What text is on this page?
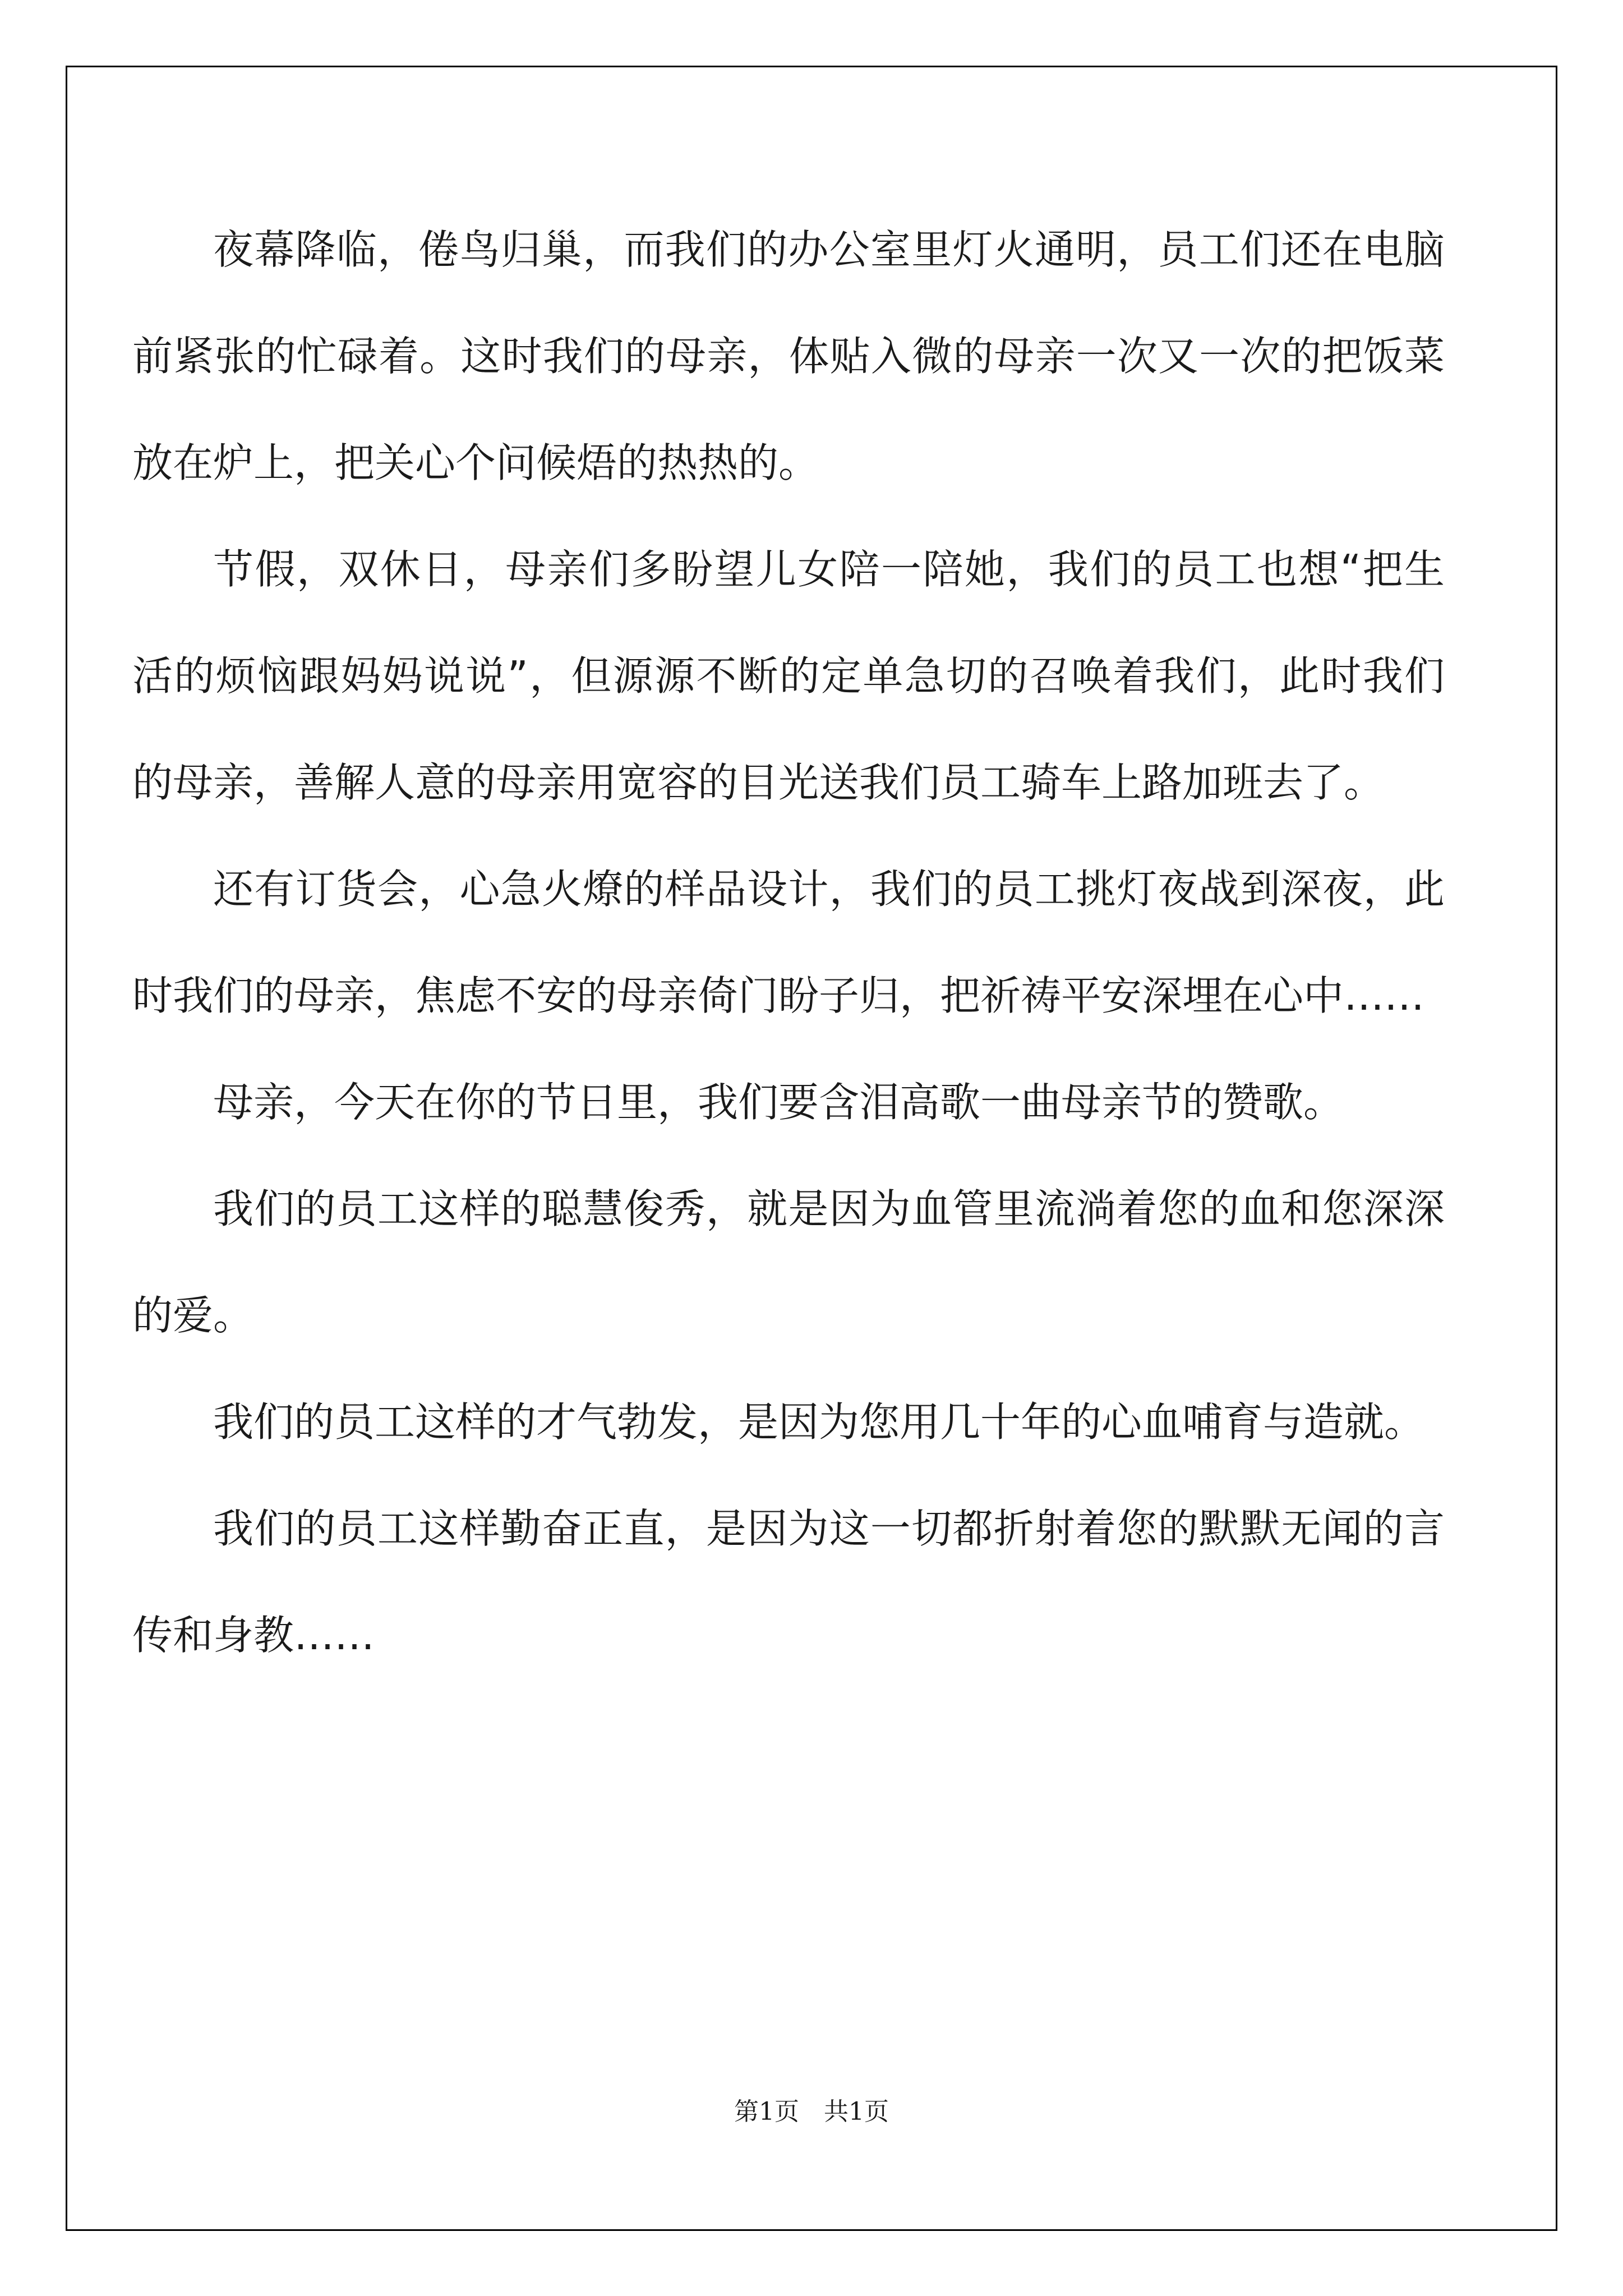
夜幕降临，倦鸟归巢，而我们的办公室里灯火通明，员工们还在电脑前紧张的忙碌着。这时我们的母亲，体贴入微的母亲一次又一次的把饭菜放在炉上，把关心个问候焐的热热的。

节假，双休日，母亲们多盼望儿女陪一陪她，我们的员工也想“把生活的烦恼跟妈妈说说”，但源源不断的定单急切的召唤着我们，此时我们的母亲，善解人意的母亲用宽容的目光送我们员工骑车上路加班去了。

还有订货会，心急火燎的样品设计，我们的员工挑灯夜战到深夜，此时我们的母亲，焦虑不安的母亲倚门盼子归，把祈祷平安深埋在心中……

母亲，今天在你的节日里，我们要含泪高歌一曲母亲节的赞歌。

我们的员工这样的聪慧俊秀，就是因为血管里流淌着您的血和您深深的爱。

我们的员工这样的才气勃发，是因为您用几十年的心血哺育与造就。

我们的员工这样勤奋正直，是因为这一切都折射着您的默默无闻的言传和身教……

第1页　共1页
